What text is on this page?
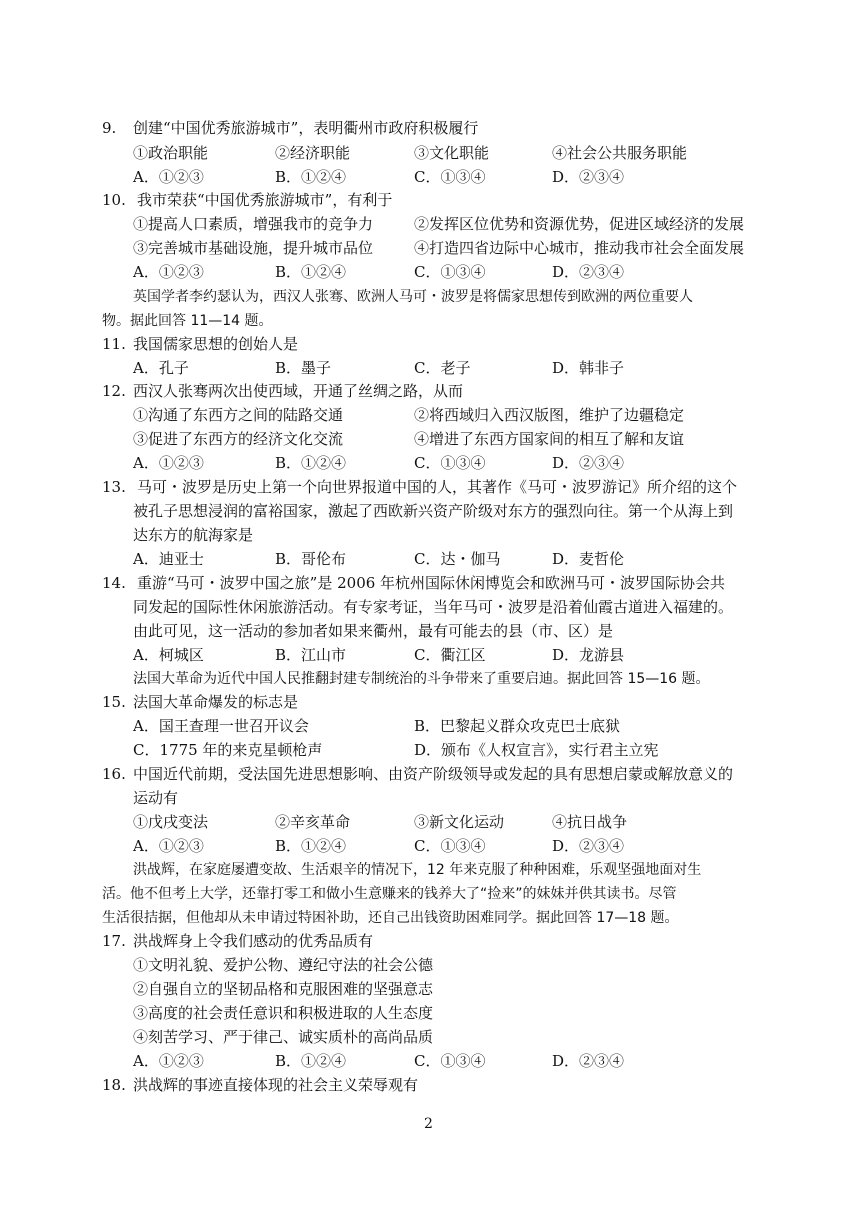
9. 创建“中国优秀旅游城市”，表明衢州市政府积极履行
①政治职能	②经济职能	③文化职能	④社会公共服务职能
A．①②③	B．①②④	C．①③④	D．②③④
10. 我市荣获“中国优秀旅游城市”，有利于
①提高人口素质，增强我市的竞争力	②发挥区位优势和资源优势，促进区域经济的发展
③完善城市基础设施，提升城市品位	④打造四省边际中心城市，推动我市社会全面发展
A．①②③	B．①②④	C．①③④	D．②③④
英国学者李约瑟认为，西汉人张骞、欧洲人马可・波罗是将儒家思想传到欧洲的两位重要人
物。据此回答 11—14 题。
11. 我国儒家思想的创始人是
A．孔子	B．墨子	C．老子	D．韩非子
12. 西汉人张骞两次出使西域，开通了丝绸之路，从而
①沟通了东西方之间的陆路交通	②将西域归入西汉版图，维护了边疆稳定
③促进了东西方的经济文化交流	④增进了东西方国家间的相互了解和友谊
A．①②③	B．①②④	C．①③④	D．②③④
13. 马可・波罗是历史上第一个向世界报道中国的人，其著作《马可・波罗游记》所介绍的这个
被孔子思想浸润的富裕国家，激起了西欧新兴资产阶级对东方的强烈向往。第一个从海上到
达东方的航海家是
A．迪亚士	B．哥伦布	C．达・伽马	D．麦哲伦
14. 重游“马可・波罗中国之旅”是 2006 年杭州国际休闲博览会和欧洲马可・波罗国际协会共
同发起的国际性休闲旅游活动。有专家考证，当年马可・波罗是沿着仙霞古道进入福建的。
由此可见，这一活动的参加者如果来衢州，最有可能去的县（市、区）是
A．柯城区	B．江山市	C．衢江区	D．龙游县
法国大革命为近代中国人民推翻封建专制统治的斗争带来了重要启迪。据此回答 15—16 题。
15. 法国大革命爆发的标志是
A．国王查理一世召开议会	B．巴黎起义群众攻克巴士底狱
C．1775 年的来克星顿枪声	D．颁布《人权宣言》，实行君主立宪
16. 中国近代前期，受法国先进思想影响、由资产阶级领导或发起的具有思想启蒙或解放意义的
运动有
①戊戌变法	②辛亥革命	③新文化运动	④抗日战争
A．①②③	B．①②④	C．①③④	D．②③④
洪战辉，在家庭屡遭变故、生活艰辛的情况下，12 年来克服了种种困难，乐观坚强地面对生
活。他不但考上大学，还靠打零工和做小生意赚来的钱养大了“捡来”的妹妹并供其读书。尽管
生活很拮据，但他却从未申请过特困补助，还自己出钱资助困难同学。据此回答 17—18 题。
17. 洪战辉身上令我们感动的优秀品质有
①文明礼貌、爱护公物、遵纪守法的社会公德
②自强自立的坚韧品格和克服困难的坚强意志
③高度的社会责任意识和积极进取的人生态度
④刻苦学习、严于律己、诚实质朴的高尚品质
A．①②③	B．①②④	C．①③④	D．②③④
18. 洪战辉的事迹直接体现的社会主义荣辱观有
2
